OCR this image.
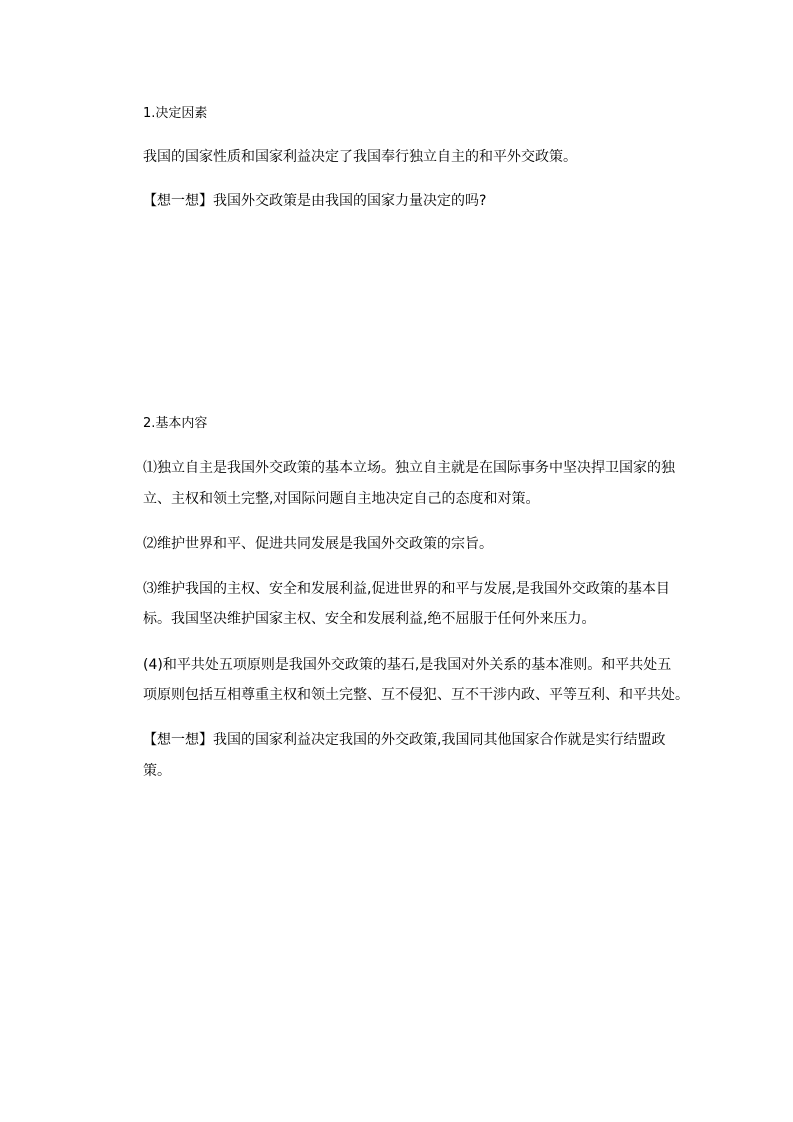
1.决定因素
我国的国家性质和国家利益决定了我国奉行独立自主的和平外交政策。
【想一想】我国外交政策是由我国的国家力量决定的吗?
2.基本内容
⑴独立自主是我国外交政策的基本立场。独立自主就是在国际事务中坚决捍卫国家的独
立、主权和领土完整,对国际问题自主地决定自己的态度和对策。
⑵维护世界和平、促进共同发展是我国外交政策的宗旨。
⑶维护我国的主权、安全和发展利益,促进世界的和平与发展,是我国外交政策的基本目
标。我国坚决维护国家主权、安全和发展利益,绝不屈服于任何外来压力。
(4)和平共处五项原则是我国外交政策的基石,是我国对外关系的基本准则。和平共处五
项原则包括互相尊重主权和领土完整、互不侵犯、互不干涉内政、平等互利、和平共处。
【想一想】我国的国家利益决定我国的外交政策,我国同其他国家合作就是实行结盟政
策。
